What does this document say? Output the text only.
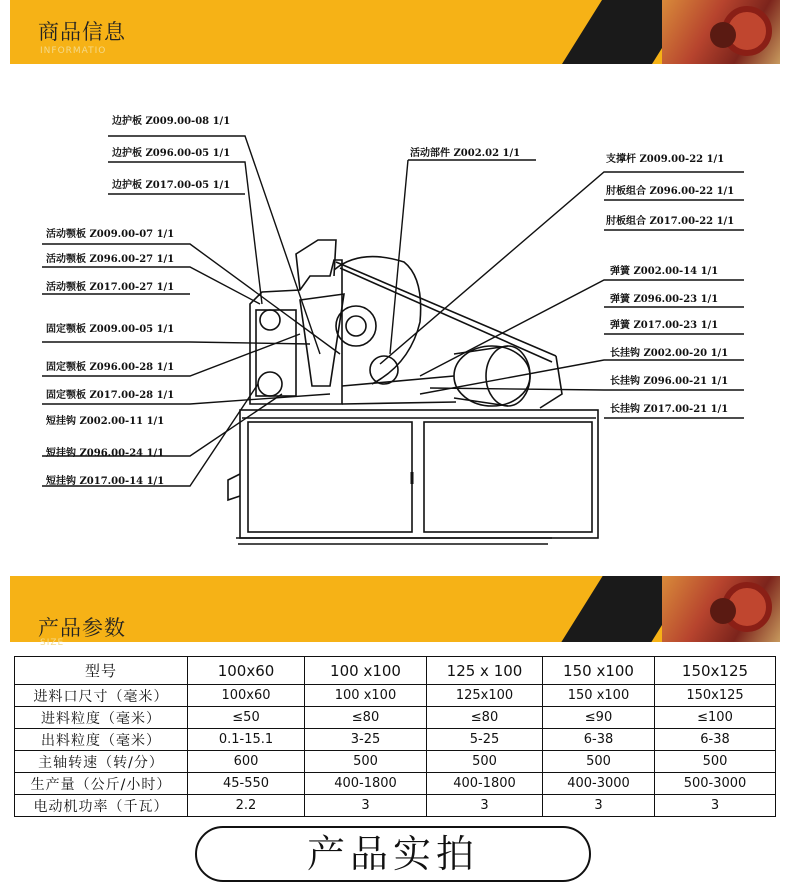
商品信息
INFORMATIO
边护板 Z009.00-08 1/1
边护板 Z096.00-05 1/1
边护板 Z017.00-05 1/1
活动颚板 Z009.00-07 1/1
活动颚板 Z096.00-27 1/1
活动颚板 Z017.00-27 1/1
固定颚板 Z009.00-05 1/1
固定颚板 Z096.00-28 1/1
固定颚板 Z017.00-28 1/1
短挂钩 Z002.00-11 1/1
短挂钩 Z096.00-24 1/1
短挂钩 Z017.00-14 1/1
活动部件 Z002.02 1/1
支撑杆 Z009.00-22 1/1
肘板组合 Z096.00-22 1/1
肘板组合 Z017.00-22 1/1
弹簧 Z002.00-14 1/1
弹簧 Z096.00-23 1/1
弹簧 Z017.00-23 1/1
长挂钩 Z002.00-20 1/1
长挂钩 Z096.00-21 1/1
长挂钩 Z017.00-21 1/1
产品参数
SIZE
型号	100x60	100 x100	125 x 100	150 x100	150x125
进料口尺寸（毫米）	100x60	100 x100	125x100	150 x100	150x125
进料粒度（毫米）	≤50	≤80	≤80	≤90	≤100
出料粒度（毫米）	0.1-15.1	3-25	5-25	6-38	6-38
主轴转速（转/分）	600	500	500	500	500
生产量（公斤/小时）	45-550	400-1800	400-1800	400-3000	500-3000
电动机功率（千瓦）	2.2	3	3	3	3
产品实拍
